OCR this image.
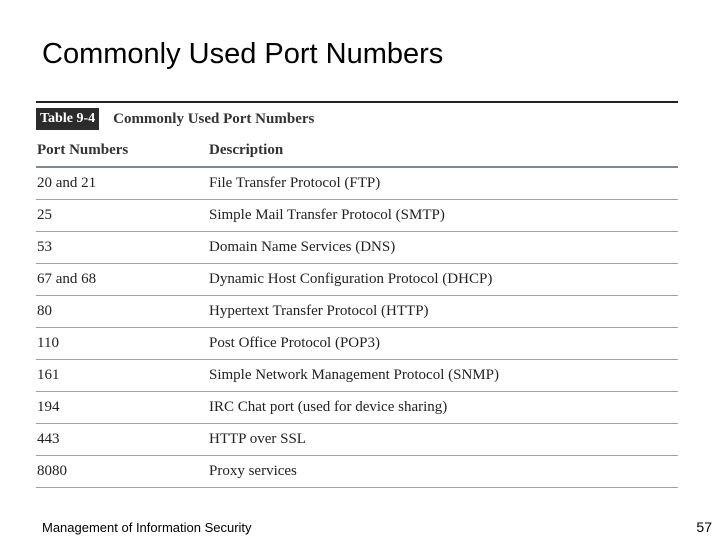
Commonly Used Port Numbers
Table 9-4 Commonly Used Port Numbers
Port Numbers	Description
20 and 21	File Transfer Protocol (FTP)
25	Simple Mail Transfer Protocol (SMTP)
53	Domain Name Services (DNS)
67 and 68	Dynamic Host Configuration Protocol (DHCP)
80	Hypertext Transfer Protocol (HTTP)
110	Post Office Protocol (POP3)
161	Simple Network Management Protocol (SNMP)
194	IRC Chat port (used for device sharing)
443	HTTP over SSL
8080	Proxy services
Management of Information Security	57
